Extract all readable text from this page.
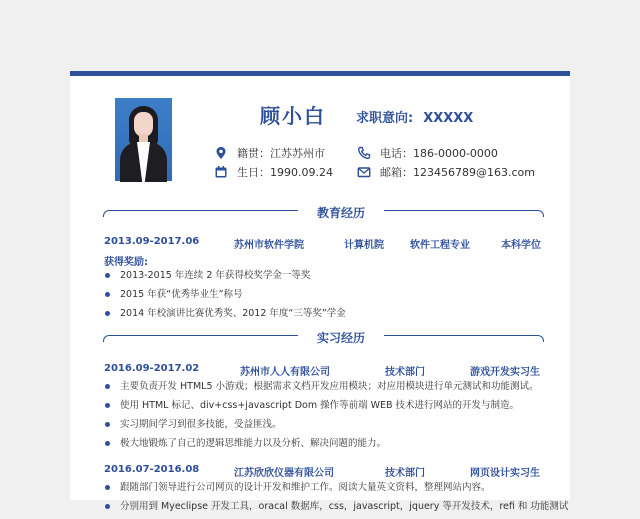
顾小白 求职意向: XXXXX
籍贯：江苏苏州市
生日：1990.09.24
电话：186-0000-0000
邮箱：123456789@163.com
教育经历
2013.09-2017.06	苏州市软件学院	计算机院	软件工程专业	本科学位
获得奖励:
2013-2015 年连续 2 年获得校奖学金一等奖
2015 年获“优秀毕业生”称号
2014 年校演讲比赛优秀奖、2012 年度“三等奖”学金
实习经历
2016.09-2017.02	苏州市人人有限公司	技术部门	游戏开发实习生
主要负责开发 HTML5 小游戏；根据需求文档开发应用模块；对应用模块进行单元测试和功能测试。
使用 HTML 标记、div+css+javascript Dom 操作等前端 WEB 技术进行网站的开发与制造。
实习期间学习到很多技能，受益匪浅。
极大地锻炼了自己的逻辑思维能力以及分析、解决问题的能力。
2016.07-2016.08	江苏欣欣仪器有限公司	技术部门	网页设计实习生
跟随部门领导进行公司网页的设计开发和维护工作。阅读大量英文资料，整理网站内容。
分别用到 Myeclipse 开发工具，oracal 数据库，css，javascript，jquery 等开发技术，refi 和 功能测试
